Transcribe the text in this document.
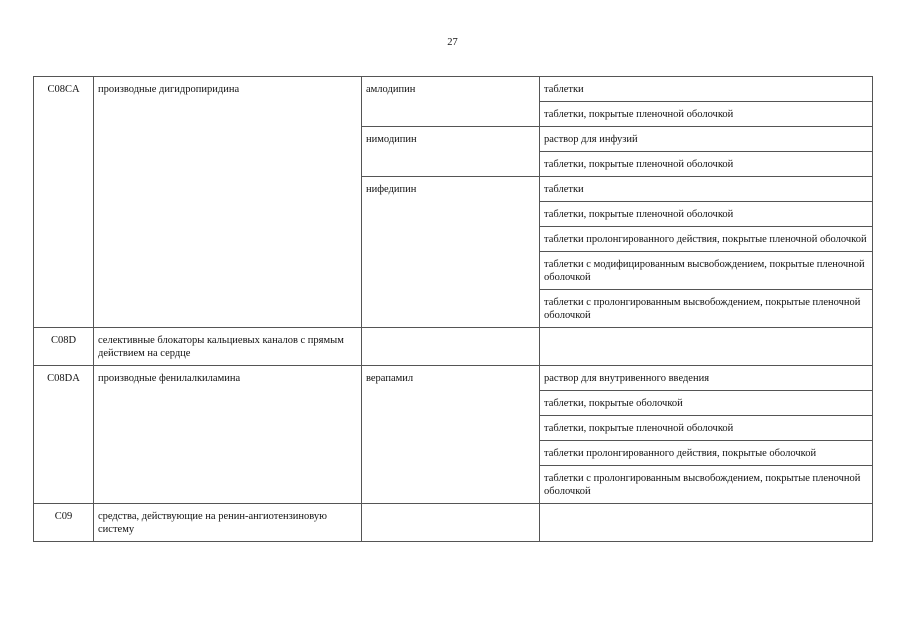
27
C08CA	производные дигидропиридина	амлодипин	таблетки
			таблетки, покрытые пленочной оболочкой
		нимодипин	раствор для инфузий
			таблетки, покрытые пленочной оболочкой
		нифедипин	таблетки
			таблетки, покрытые пленочной оболочкой
			таблетки пролонгированного действия, покрытые пленочной оболочкой
			таблетки с модифицированным высвобождением, покрытые пленочной оболочкой
			таблетки с пролонгированным высвобождением, покрытые пленочной оболочкой
C08D	селективные блокаторы кальциевых каналов с прямым действием на сердце		
C08DA	производные фенилалкиламина	верапамил	раствор для внутривенного введения
			таблетки, покрытые оболочкой
			таблетки, покрытые пленочной оболочкой
			таблетки пролонгированного действия, покрытые оболочкой
			таблетки с пролонгированным высвобождением, покрытые пленочной оболочкой
C09	средства, действующие на ренин-ангиотензиновую систему		
